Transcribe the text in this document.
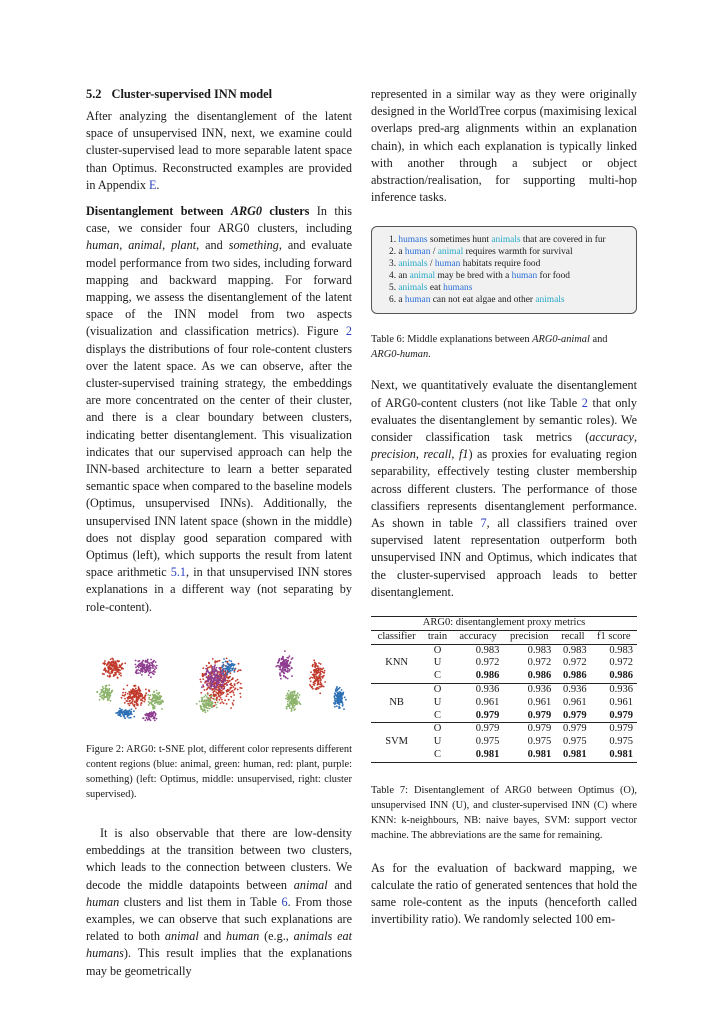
5.2 Cluster-supervised INN model

After analyzing the disentanglement of the latent space of unsupervised INN, next, we examine could cluster-supervised lead to more separable latent space than Optimus. Reconstructed examples are provided in Appendix E.

Disentanglement between ARG0 clusters In this case, we consider four ARG0 clusters, including human, animal, plant, and something, and evaluate model performance from two sides, including forward mapping and backward mapping. For forward mapping, we assess the disentanglement of the latent space of the INN model from two aspects (visualization and classification metrics). Figure 2 displays the distributions of four role-content clusters over the latent space. As we can observe, after the cluster-supervised training strategy, the embeddings are more concentrated on the center of their cluster, and there is a clear boundary between clusters, indicating better disentanglement. This visualization indicates that our supervised approach can help the INN-based architecture to learn a better separated semantic space when compared to the baseline models (Optimus, unsupervised INNs). Additionally, the unsupervised INN latent space (shown in the middle) does not display good separation compared with Optimus (left), which supports the result from latent space arithmetic 5.1, in that unsupervised INN stores explanations in a different way (not separating by role-content).

Figure 2: ARG0: t-SNE plot, different color represents different content regions (blue: animal, green: human, red: plant, purple: something) (left: Optimus, middle: unsupervised, right: cluster supervised).

It is also observable that there are low-density embeddings at the transition between two clusters, which leads to the connection between clusters. We decode the middle datapoints between animal and human clusters and list them in Table 6. From those examples, we can observe that such explanations are related to both animal and human (e.g., animals eat humans). This result implies that the explanations may be geometrically

represented in a similar way as they were originally designed in the WorldTree corpus (maximising lexical overlaps pred-arg alignments within an explanation chain), in which each explanation is typically linked with another through a subject or object abstraction/realisation, for supporting multi-hop inference tasks.

1. humans sometimes hunt animals that are covered in fur
2. a human / animal requires warmth for survival
3. animals / human habitats require food
4. an animal may be bred with a human for food
5. animals eat humans
6. a human can not eat algae and other animals

Table 6: Middle explanations between ARG0-animal and ARG0-human.

Next, we quantitatively evaluate the disentanglement of ARG0-content clusters (not like Table 2 that only evaluates the disentanglement by semantic roles). We consider classification task metrics (accuracy, precision, recall, f1) as proxies for evaluating region separability, effectively testing cluster membership across different clusters. The performance of those classifiers represents disentanglement performance. As shown in table 7, all classifiers trained over supervised latent representation outperform both unsupervised INN and Optimus, which indicates that the cluster-supervised approach leads to better disentanglement.

ARG0: disentanglement proxy metrics					
classifier	train	accuracy	precision	recall	f1 score
	O	0.983	0.983	0.983	0.983
KNN	U	0.972	0.972	0.972	0.972
	C	0.986	0.986	0.986	0.986
	O	0.936	0.936	0.936	0.936
NB	U	0.961	0.961	0.961	0.961
	C	0.979	0.979	0.979	0.979
	O	0.979	0.979	0.979	0.979
SVM	U	0.975	0.975	0.975	0.975
	C	0.981	0.981	0.981	0.981

Table 7: Disentanglement of ARG0 between Optimus (O), unsupervised INN (U), and cluster-supervised INN (C) where KNN: k-neighbours, NB: naive bayes, SVM: support vector machine. The abbreviations are the same for remaining.

As for the evaluation of backward mapping, we calculate the ratio of generated sentences that hold the same role-content as the inputs (henceforth called invertibility ratio). We randomly selected 100 em-
